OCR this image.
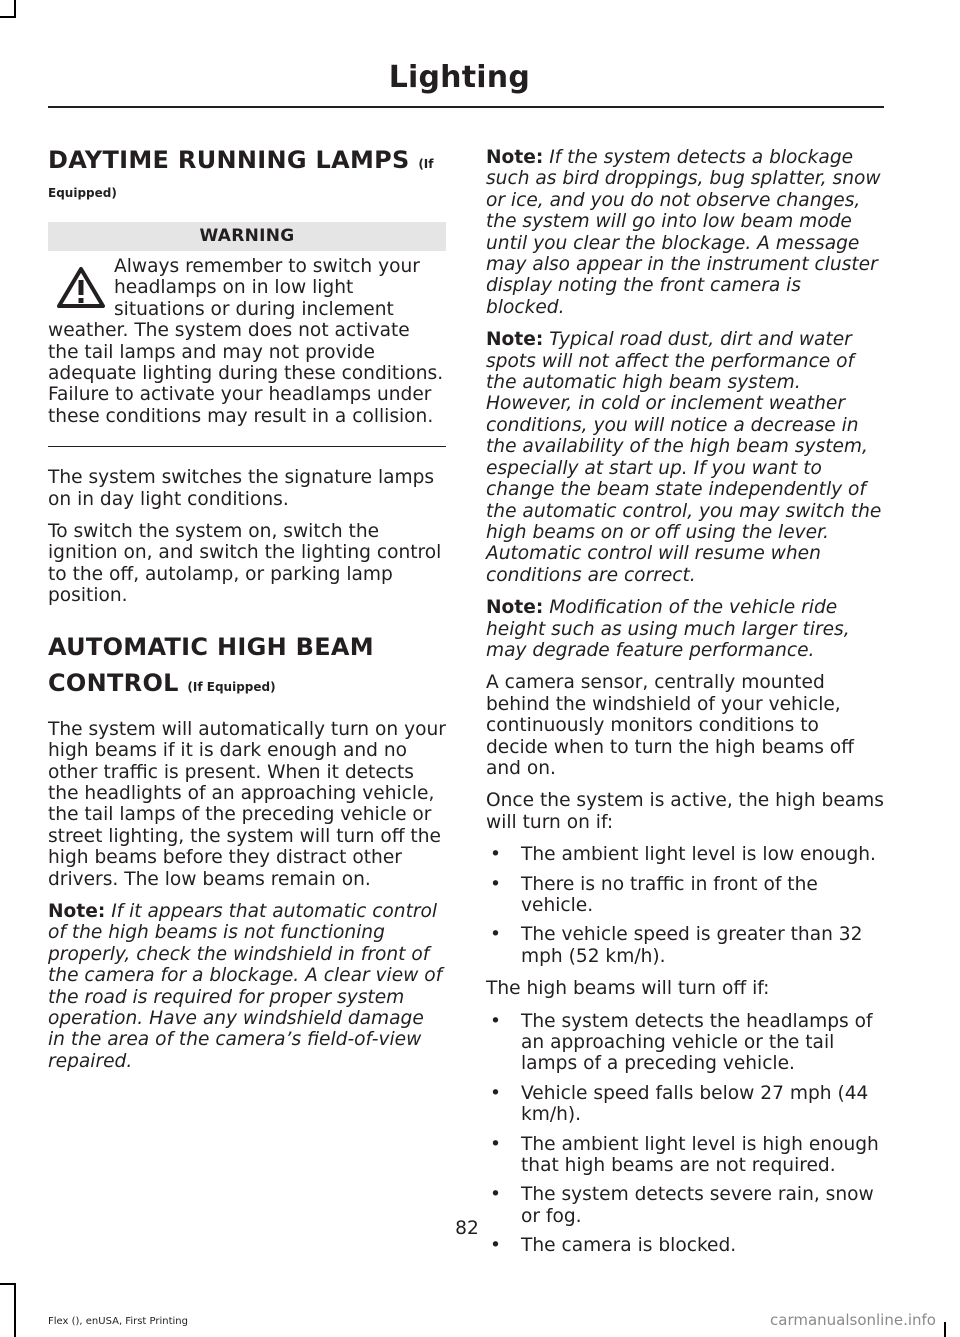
Lighting
DAYTIME RUNNING LAMPS (If
Equipped)
WARNING

Always remember to switch your headlamps on in low light situations or during inclement weather. The system does not activate the tail lamps and may not provide adequate lighting during these conditions. Failure to activate your headlamps under these conditions may result in a collision.

The system switches the signature lamps on in day light conditions.

To switch the system on, switch the ignition on, and switch the lighting control to the off, autolamp, or parking lamp position.

AUTOMATIC HIGH BEAM
CONTROL (If Equipped)

The system will automatically turn on your high beams if it is dark enough and no other traffic is present. When it detects the headlights of an approaching vehicle, the tail lamps of the preceding vehicle or street lighting, the system will turn off the high beams before they distract other drivers. The low beams remain on.

Note: If it appears that automatic control of the high beams is not functioning properly, check the windshield in front of the camera for a blockage. A clear view of the road is required for proper system operation. Have any windshield damage in the area of the camera’s field-of-view repaired.

Note: If the system detects a blockage such as bird droppings, bug splatter, snow or ice, and you do not observe changes, the system will go into low beam mode until you clear the blockage. A message may also appear in the instrument cluster display noting the front camera is blocked.

Note: Typical road dust, dirt and water spots will not affect the performance of the automatic high beam system. However, in cold or inclement weather conditions, you will notice a decrease in the availability of the high beam system, especially at start up. If you want to change the beam state independently of the automatic control, you may switch the high beams on or off using the lever. Automatic control will resume when conditions are correct.

Note: Modification of the vehicle ride height such as using much larger tires, may degrade feature performance.

A camera sensor, centrally mounted behind the windshield of your vehicle, continuously monitors conditions to decide when to turn the high beams off and on.

Once the system is active, the high beams will turn on if:

• The ambient light level is low enough.
• There is no traffic in front of the vehicle.
• The vehicle speed is greater than 32 mph (52 km/h).

The high beams will turn off if:

• The system detects the headlamps of an approaching vehicle or the tail lamps of a preceding vehicle.
• Vehicle speed falls below 27 mph (44 km/h).
• The ambient light level is high enough that high beams are not required.
• The system detects severe rain, snow or fog.
• The camera is blocked.
82
Flex (), enUSA, First Printing	carmanualsonline.info
